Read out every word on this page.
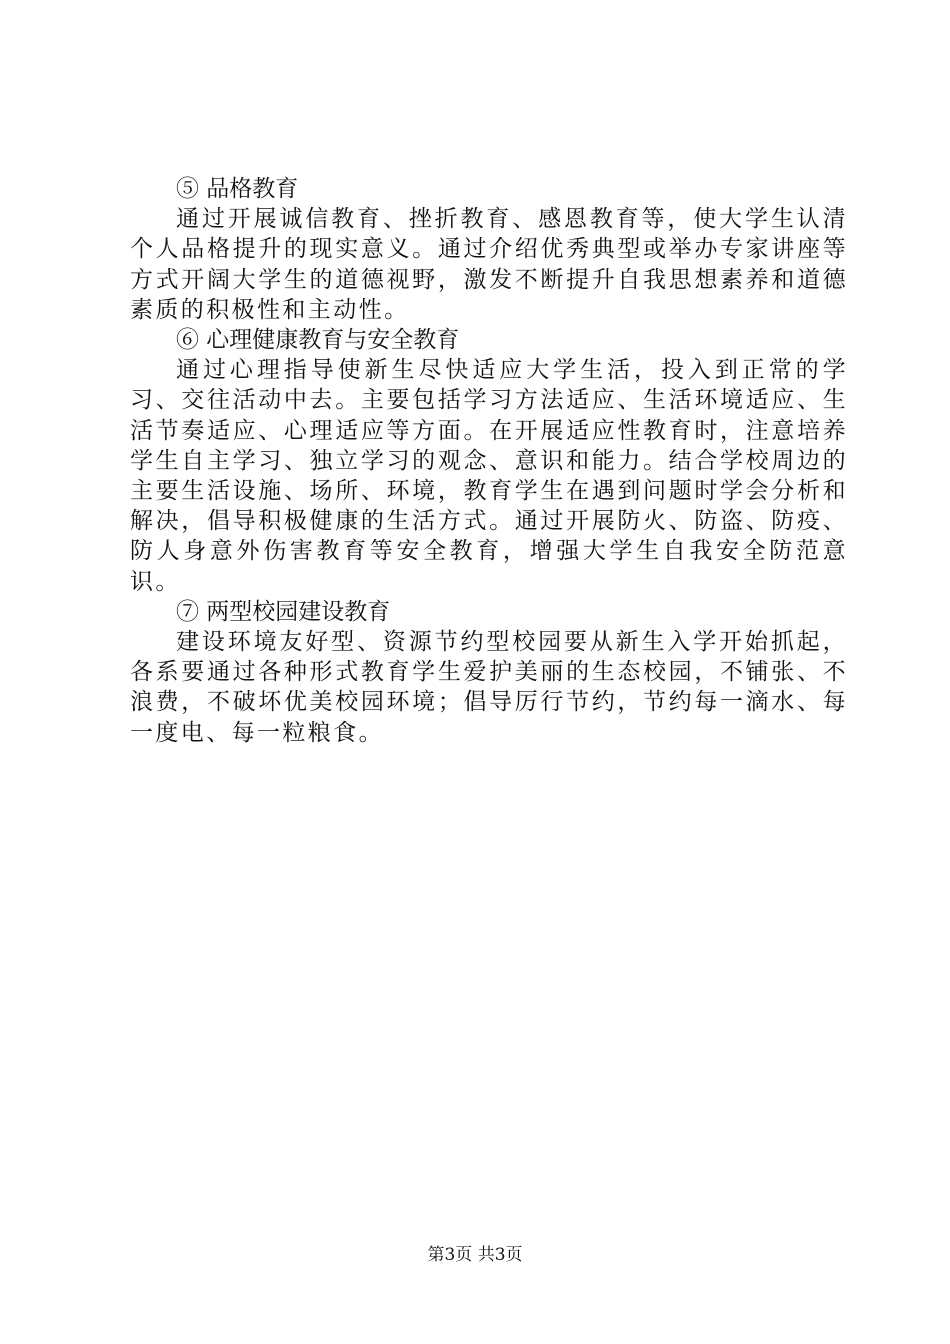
⑤ 品格教育

通过开展诚信教育、挫折教育、感恩教育等，使大学生认清个人品格提升的现实意义。通过介绍优秀典型或举办专家讲座等方式开阔大学生的道德视野，激发不断提升自我思想素养和道德素质的积极性和主动性。

⑥ 心理健康教育与安全教育

通过心理指导使新生尽快适应大学生活，投入到正常的学习、交往活动中去。主要包括学习方法适应、生活环境适应、生活节奏适应、心理适应等方面。在开展适应性教育时，注意培养学生自主学习、独立学习的观念、意识和能力。结合学校周边的主要生活设施、场所、环境，教育学生在遇到问题时学会分析和解决，倡导积极健康的生活方式。通过开展防火、防盗、防疫、防人身意外伤害教育等安全教育，增强大学生自我安全防范意识。

⑦ 两型校园建设教育

建设环境友好型、资源节约型校园要从新生入学开始抓起，各系要通过各种形式教育学生爱护美丽的生态校园，不铺张、不浪费，不破坏优美校园环境；倡导厉行节约，节约每一滴水、每一度电、每一粒粮食。

第3页 共3页
